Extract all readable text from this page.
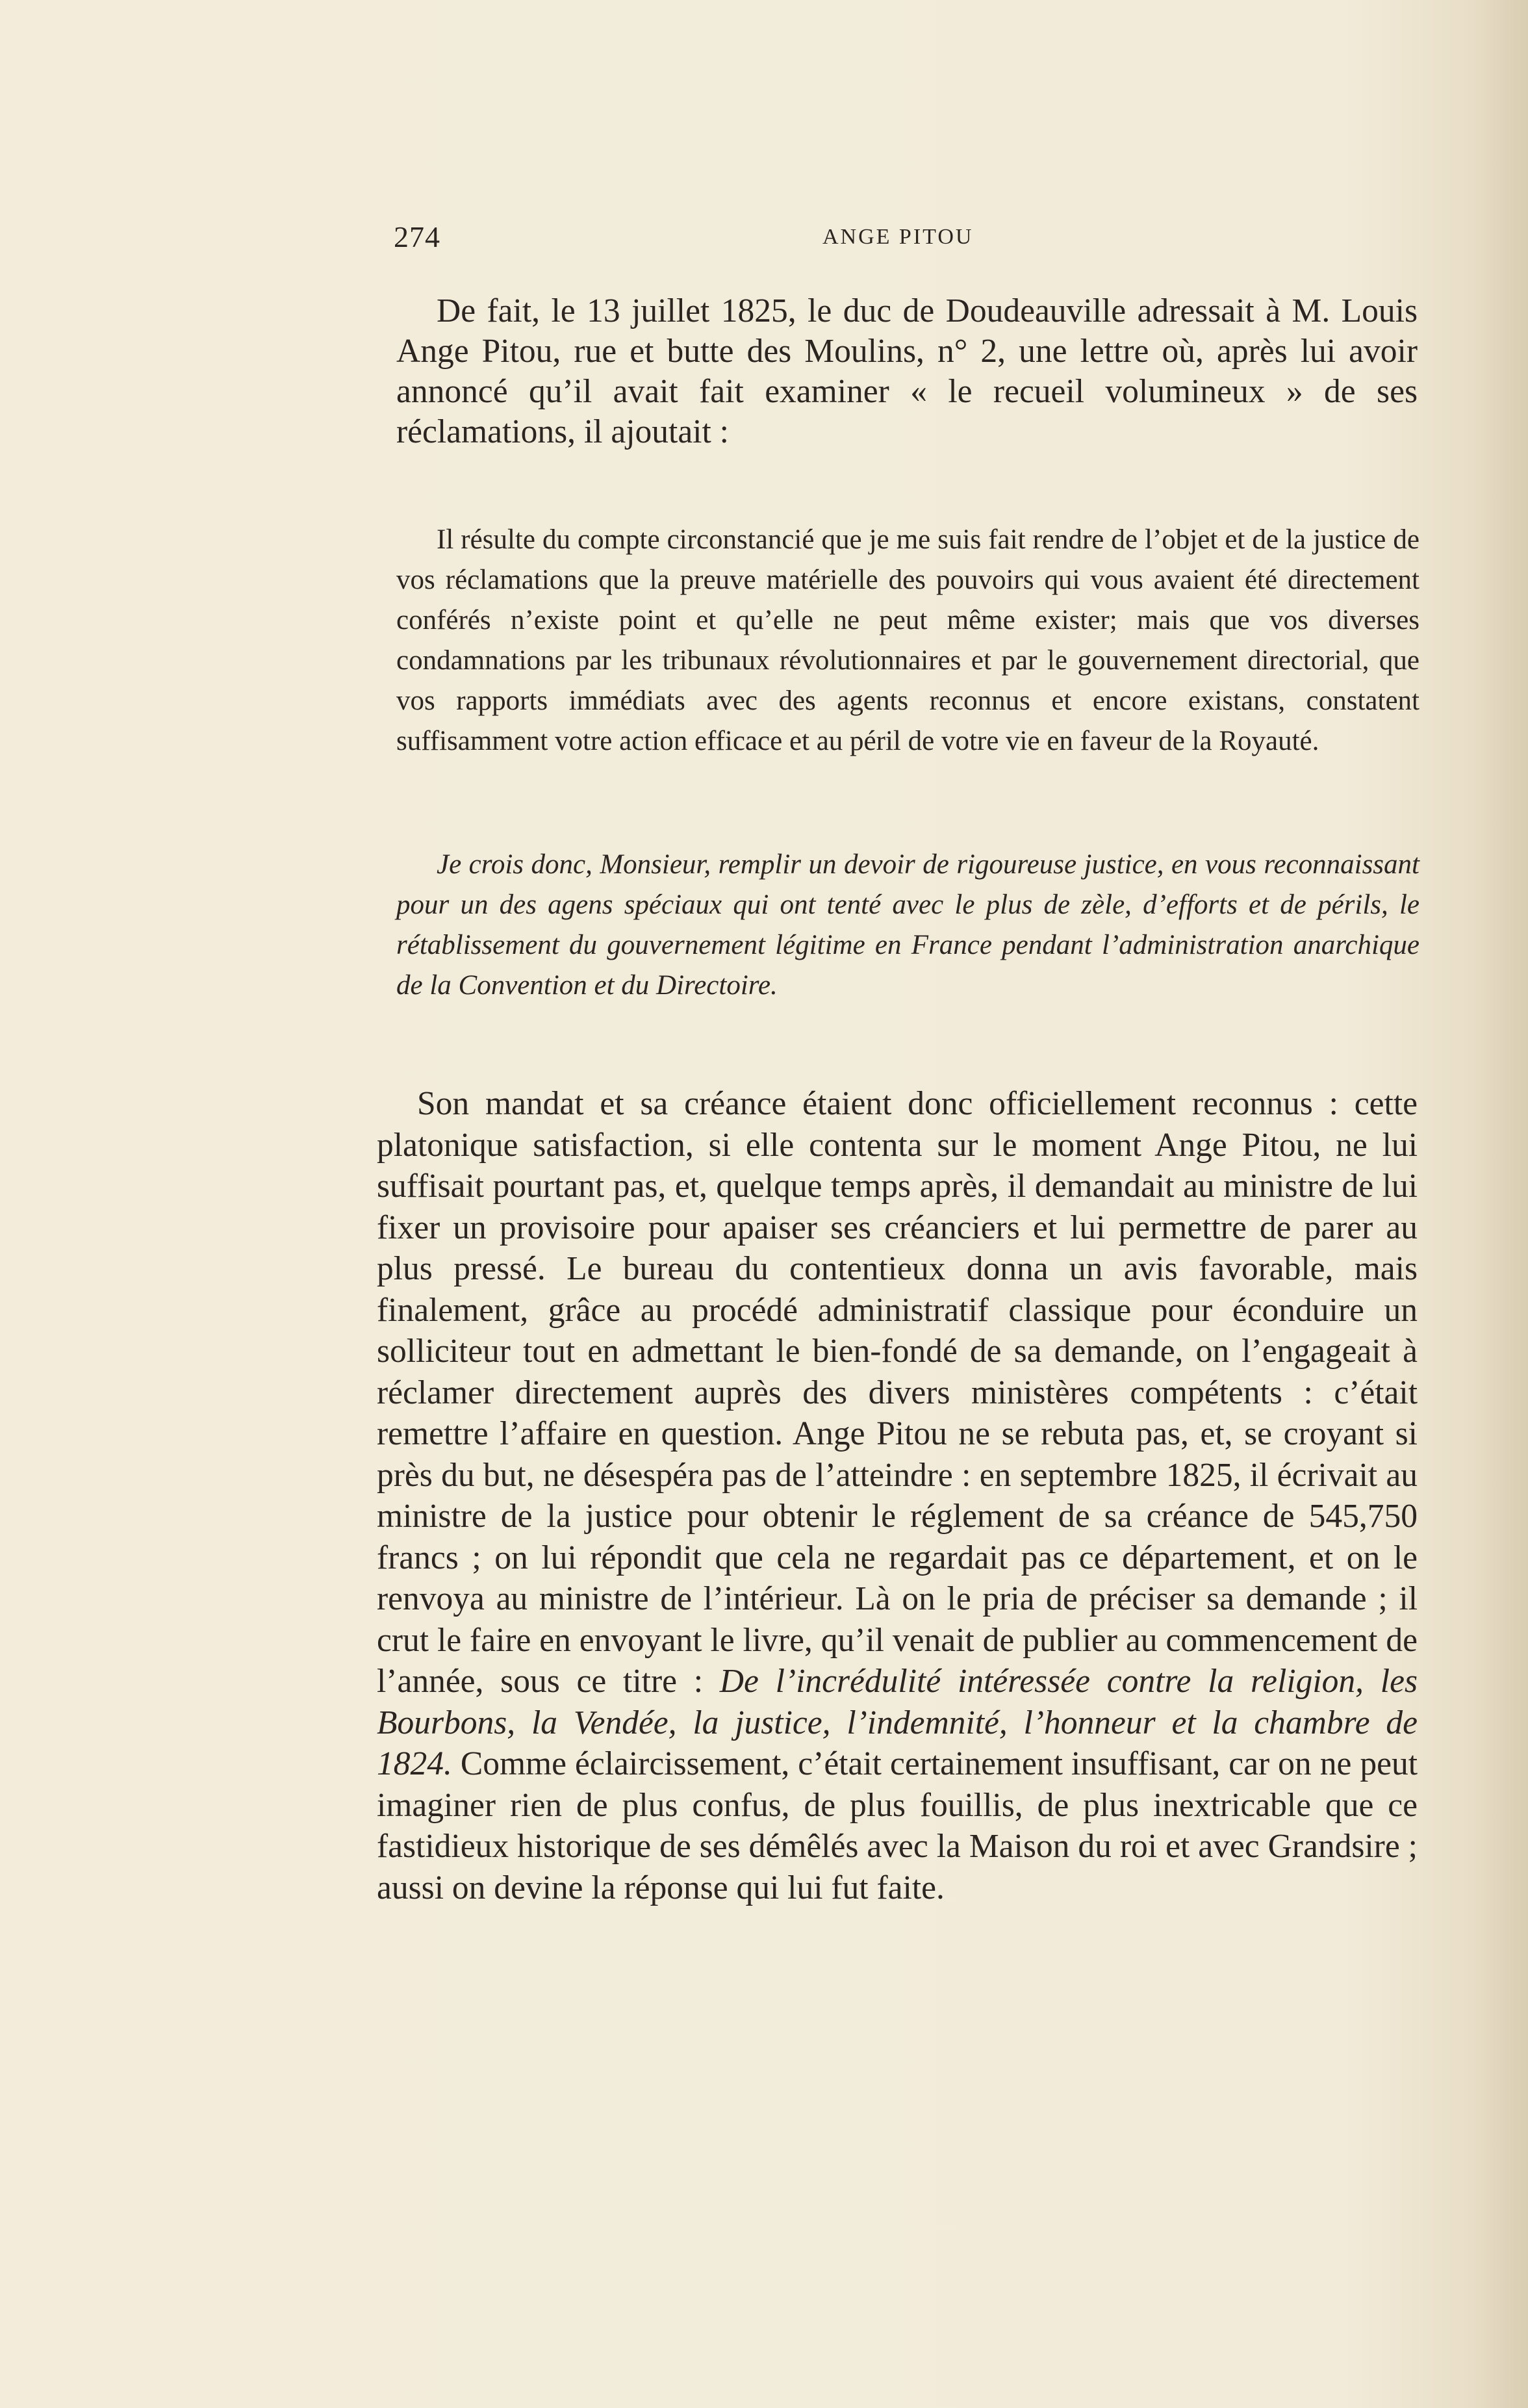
274	ANGE PITOU

De fait, le 13 juillet 1825, le duc de Doudeauville adressait à M. Louis Ange Pitou, rue et butte des Moulins, n° 2, une lettre où, après lui avoir annoncé qu’il avait fait examiner « le recueil volumineux » de ses réclamations, il ajoutait :

Il résulte du compte circonstancié que je me suis fait rendre de l’objet et de la justice de vos réclamations que la preuve matérielle des pouvoirs qui vous avaient été directement conférés n’existe point et qu’elle ne peut même exister; mais que vos diverses condamnations par les tribunaux révolutionnaires et par le gouvernement directorial, que vos rapports immédiats avec des agents reconnus et encore existans, constatent suffisamment votre action efficace et au péril de votre vie en faveur de la Royauté.

Je crois donc, Monsieur, remplir un devoir de rigoureuse justice, en vous reconnaissant pour un des agens spéciaux qui ont tenté avec le plus de zèle, d’efforts et de périls, le rétablissement du gouvernement légitime en France pendant l’administration anarchique de la Convention et du Directoire.

Son mandat et sa créance étaient donc officiellement reconnus : cette platonique satisfaction, si elle contenta sur le moment Ange Pitou, ne lui suffisait pourtant pas, et, quelque temps après, il demandait au ministre de lui fixer un provisoire pour apaiser ses créanciers et lui permettre de parer au plus pressé. Le bureau du contentieux donna un avis favorable, mais finalement, grâce au procédé administratif classique pour éconduire un solliciteur tout en admettant le bien-fondé de sa demande, on l’engageait à réclamer directement auprès des divers ministères compétents : c’était remettre l’affaire en question. Ange Pitou ne se rebuta pas, et, se croyant si près du but, ne désespéra pas de l’atteindre : en septembre 1825, il écrivait au ministre de la justice pour obtenir le réglement de sa créance de 545,750 francs ; on lui répondit que cela ne regardait pas ce département, et on le renvoya au ministre de l’intérieur. Là on le pria de préciser sa demande ; il crut le faire en envoyant le livre, qu’il venait de publier au commencement de l’année, sous ce titre : De l’incrédulité intéressée contre la religion, les Bourbons, la Vendée, la justice, l’indemnité, l’honneur et la chambre de 1824. Comme éclaircissement, c’était certainement insuffisant, car on ne peut imaginer rien de plus confus, de plus fouillis, de plus inextricable que ce fastidieux historique de ses démêlés avec la Maison du roi et avec Grandsire ; aussi on devine la réponse qui lui fut faite.
